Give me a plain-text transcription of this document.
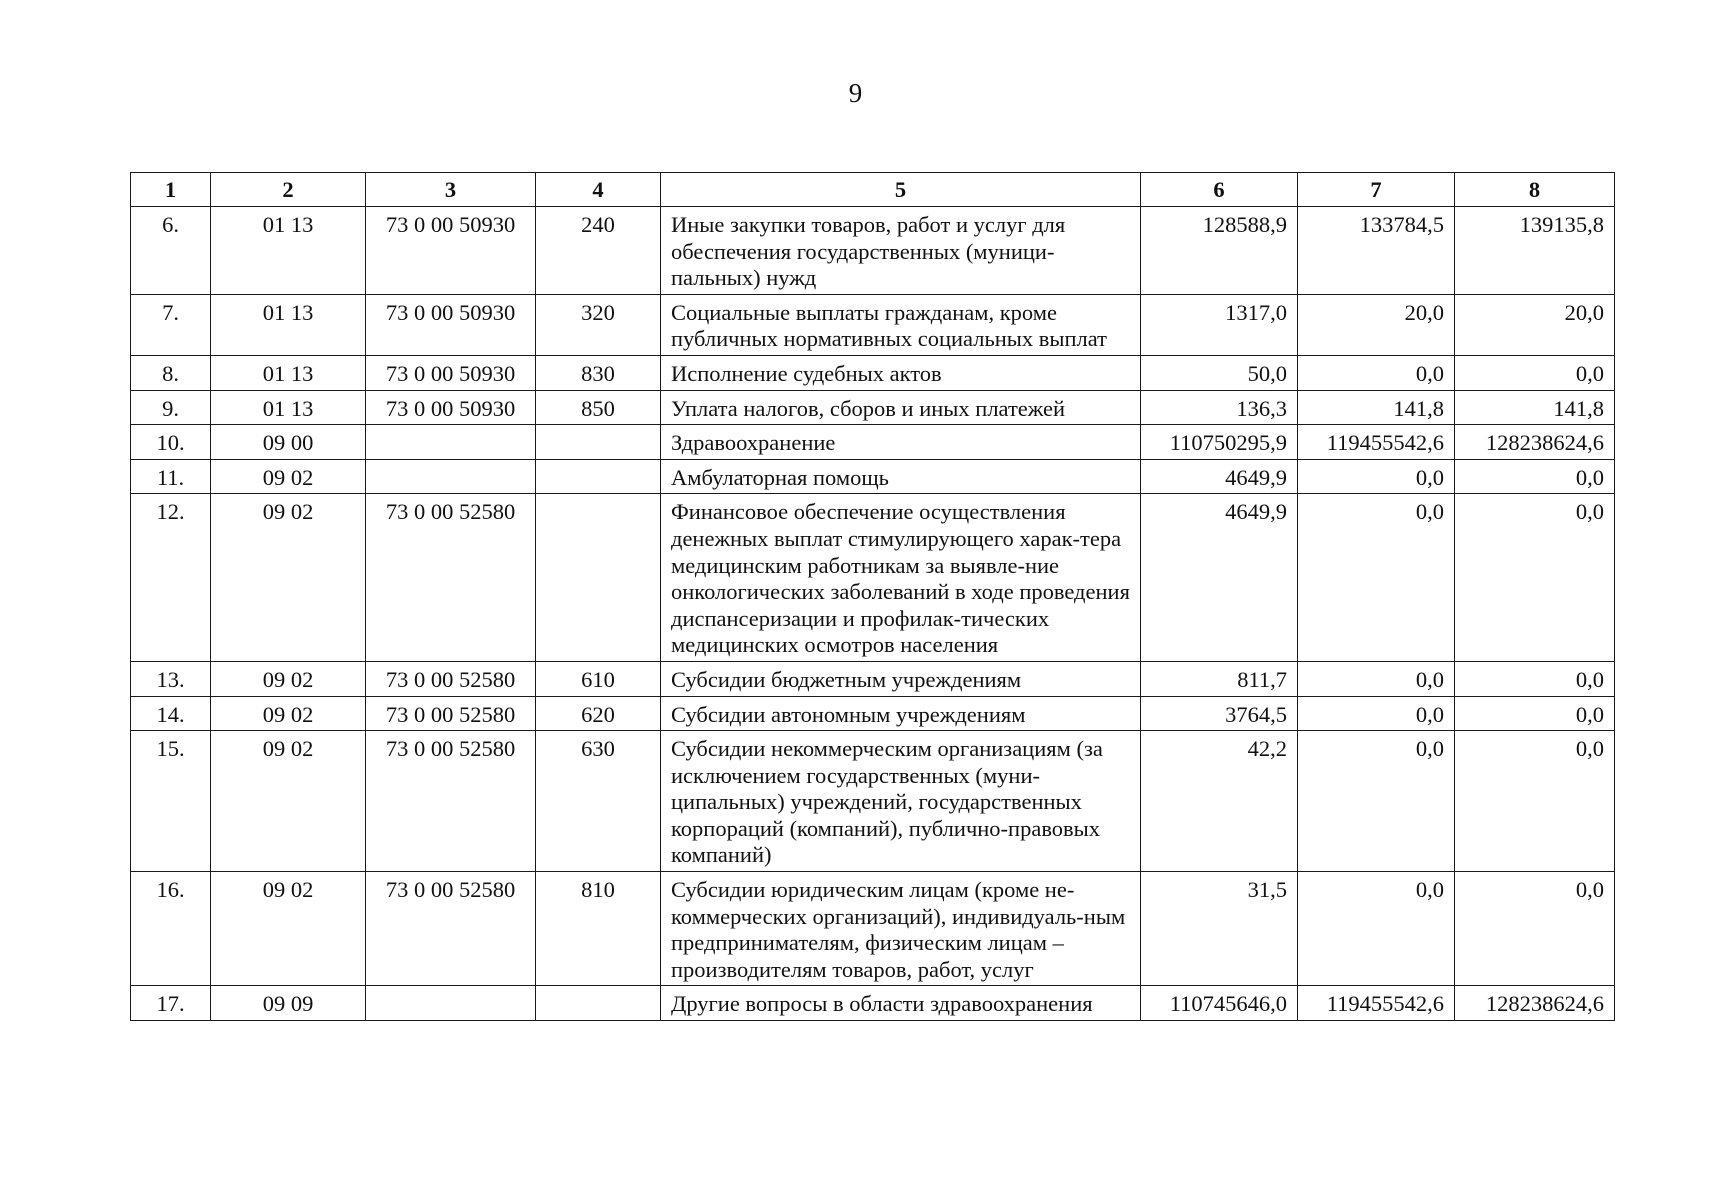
9
1	2	3	4	5	6	7	8
6.	01 13	73 0 00 50930	240	Иные закупки товаров, работ и услуг для обеспечения государственных (муници-пальных) нужд	128588,9	133784,5	139135,8
7.	01 13	73 0 00 50930	320	Социальные выплаты гражданам, кроме публичных нормативных социальных выплат	1317,0	20,0	20,0
8.	01 13	73 0 00 50930	830	Исполнение судебных актов	50,0	0,0	0,0
9.	01 13	73 0 00 50930	850	Уплата налогов, сборов и иных платежей	136,3	141,8	141,8
10.	09 00			Здравоохранение	110750295,9	119455542,6	128238624,6
11.	09 02			Амбулаторная помощь	4649,9	0,0	0,0
12.	09 02	73 0 00 52580		Финансовое обеспечение осуществления денежных выплат стимулирующего харак-тера медицинским работникам за выявле-ние онкологических заболеваний в ходе проведения диспансеризации и профилак-тических медицинских осмотров населения	4649,9	0,0	0,0
13.	09 02	73 0 00 52580	610	Субсидии бюджетным учреждениям	811,7	0,0	0,0
14.	09 02	73 0 00 52580	620	Субсидии автономным учреждениям	3764,5	0,0	0,0
15.	09 02	73 0 00 52580	630	Субсидии некоммерческим организациям (за исключением государственных (муни-ципальных) учреждений, государственных корпораций (компаний), публично-правовых компаний)	42,2	0,0	0,0
16.	09 02	73 0 00 52580	810	Субсидии юридическим лицам (кроме не-коммерческих организаций), индивидуаль-ным предпринимателям, физическим лицам – производителям товаров, работ, услуг	31,5	0,0	0,0
17.	09 09			Другие вопросы в области здравоохранения	110745646,0	119455542,6	128238624,6
